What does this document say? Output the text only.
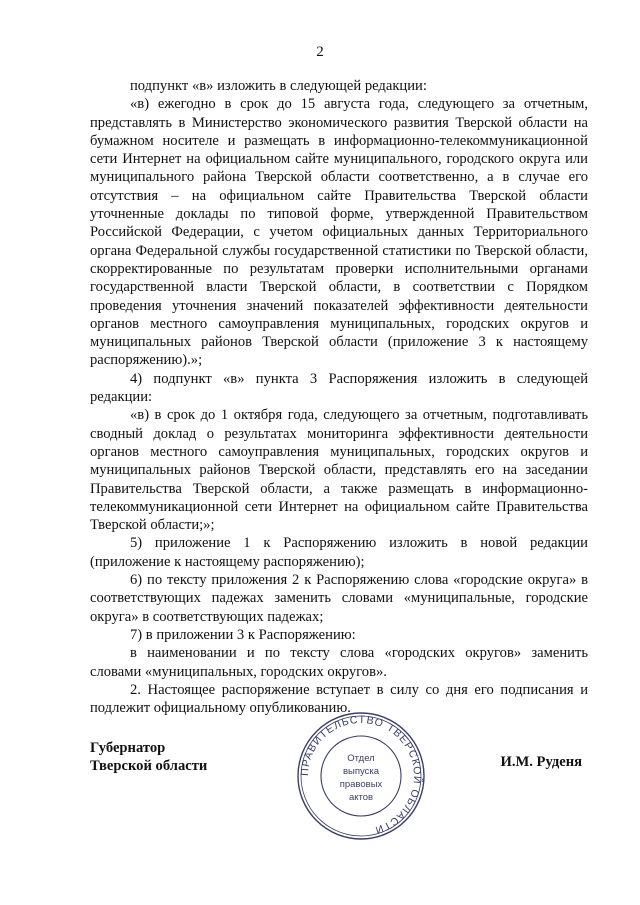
2

подпункт «в» изложить в следующей редакции:

«в) ежегодно в срок до 15 августа года, следующего за отчетным, представлять в Министерство экономического развития Тверской области на бумажном носителе и размещать в информационно-телекоммуникационной сети Интернет на официальном сайте муниципального, городского округа или муниципального района Тверской области соответственно, а в случае его отсутствия – на официальном сайте Правительства Тверской области уточненные доклады по типовой форме, утвержденной Правительством Российской Федерации, с учетом официальных данных Территориального органа Федеральной службы государственной статистики по Тверской области, скорректированные по результатам проверки исполнительными органами государственной власти Тверской области, в соответствии с Порядком проведения уточнения значений показателей эффективности деятельности органов местного самоуправления муниципальных, городских округов и муниципальных районов Тверской области (приложение 3 к настоящему распоряжению).»;

4) подпункт «в» пункта 3 Распоряжения изложить в следующей редакции:

«в) в срок до 1 октября года, следующего за отчетным, подготавливать сводный доклад о результатах мониторинга эффективности деятельности органов местного самоуправления муниципальных, городских округов и муниципальных районов Тверской области, представлять его на заседании Правительства Тверской области, а также размещать в информационно-телекоммуникационной сети Интернет на официальном сайте Правительства Тверской области;»;

5) приложение 1 к Распоряжению изложить в новой редакции (приложение к настоящему распоряжению);

6) по тексту приложения 2 к Распоряжению слова «городские округа» в соответствующих падежах заменить словами «муниципальные, городские округа» в соответствующих падежах;

7) в приложении 3 к Распоряжению:

в наименовании и по тексту слова «городских округов» заменить словами «муниципальных, городских округов».

2. Настоящее распоряжение вступает в силу со дня его подписания и подлежит официальному опубликованию.

Губернатор
Тверской области	И.М. Руденя
ПРАВИТЕЛЬСТВО ТВЕРСКОЙ ОБЛАСТИ
Отдел
выпуска
правовых
актов
